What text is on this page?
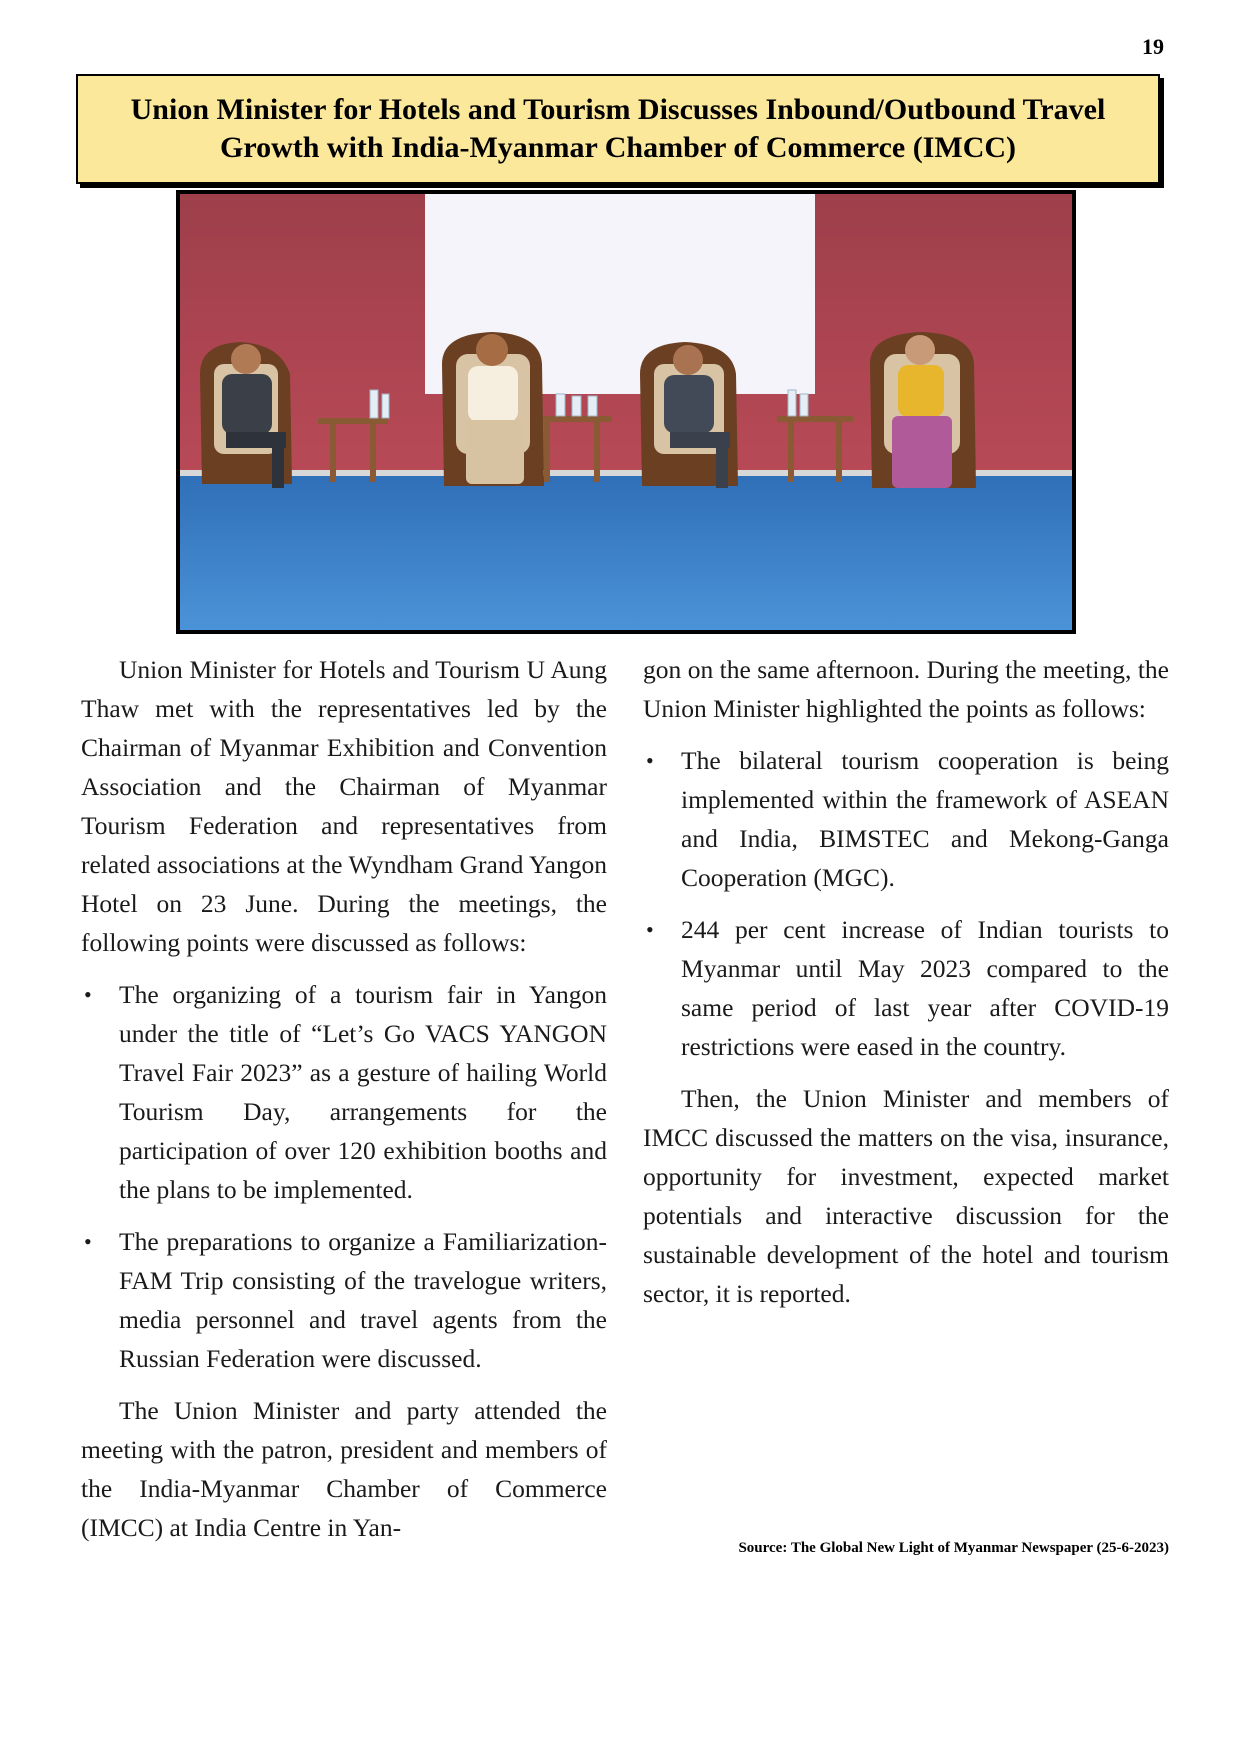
19
Union Minister for Hotels and Tourism Discusses Inbound/Outbound Travel Growth with India-Myanmar Chamber of Commerce (IMCC)

Union Minister for Hotels and Tourism U Aung Thaw met with the representatives led by the Chairman of Myanmar Exhibition and Convention Association and the Chairman of Myanmar Tourism Federation and representatives from related associations at the Wyndham Grand Yangon Hotel on 23 June. During the meetings, the following points were discussed as follows:

• The organizing of a tourism fair in Yangon under the title of “Let’s Go VACS YANGON Travel Fair 2023” as a gesture of hailing World Tourism Day, arrangements for the participation of over 120 exhibition booths and the plans to be implemented.
• The preparations to organize a Familiarization-FAM Trip consisting of the travelogue writers, media personnel and travel agents from the Russian Federation were discussed.

The Union Minister and party attended the meeting with the patron, president and members of the India-Myanmar Chamber of Commerce (IMCC) at India Centre in Yan-

gon on the same afternoon. During the meeting, the Union Minister highlighted the points as follows:

• The bilateral tourism cooperation is being implemented within the framework of ASEAN and India, BIMSTEC and Mekong-Ganga Cooperation (MGC).
• 244 per cent increase of Indian tourists to Myanmar until May 2023 compared to the same period of last year after COVID-19 restrictions were eased in the country.

Then, the Union Minister and members of IMCC discussed the matters on the visa, insurance, opportunity for investment, expected market potentials and interactive discussion for the sustainable development of the hotel and tourism sector, it is reported.

Source: The Global New Light of Myanmar Newspaper (25-6-2023)
